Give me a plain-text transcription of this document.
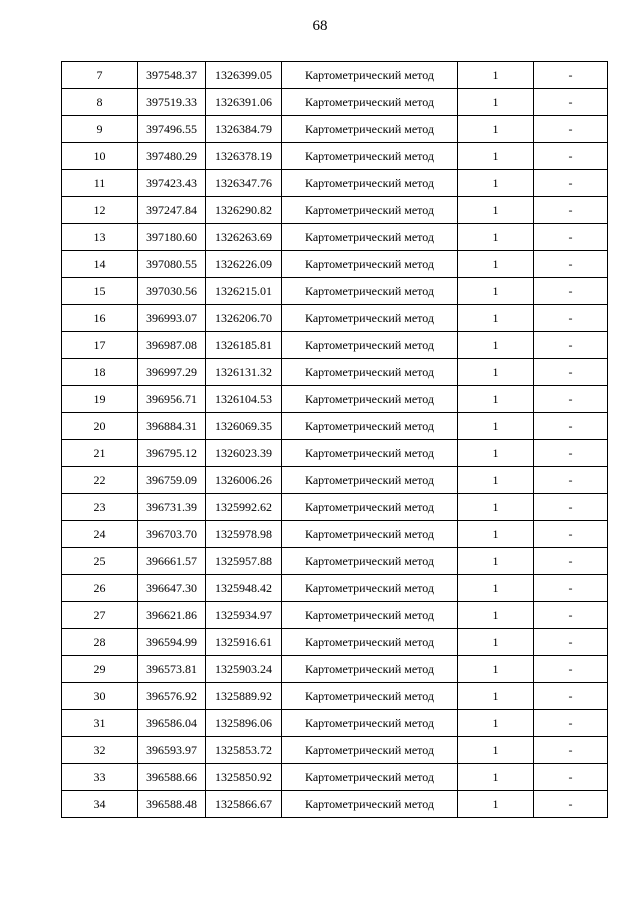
68
7	397548.37	1326399.05	Картометрический метод	1	-
8	397519.33	1326391.06	Картометрический метод	1	-
9	397496.55	1326384.79	Картометрический метод	1	-
10	397480.29	1326378.19	Картометрический метод	1	-
11	397423.43	1326347.76	Картометрический метод	1	-
12	397247.84	1326290.82	Картометрический метод	1	-
13	397180.60	1326263.69	Картометрический метод	1	-
14	397080.55	1326226.09	Картометрический метод	1	-
15	397030.56	1326215.01	Картометрический метод	1	-
16	396993.07	1326206.70	Картометрический метод	1	-
17	396987.08	1326185.81	Картометрический метод	1	-
18	396997.29	1326131.32	Картометрический метод	1	-
19	396956.71	1326104.53	Картометрический метод	1	-
20	396884.31	1326069.35	Картометрический метод	1	-
21	396795.12	1326023.39	Картометрический метод	1	-
22	396759.09	1326006.26	Картометрический метод	1	-
23	396731.39	1325992.62	Картометрический метод	1	-
24	396703.70	1325978.98	Картометрический метод	1	-
25	396661.57	1325957.88	Картометрический метод	1	-
26	396647.30	1325948.42	Картометрический метод	1	-
27	396621.86	1325934.97	Картометрический метод	1	-
28	396594.99	1325916.61	Картометрический метод	1	-
29	396573.81	1325903.24	Картометрический метод	1	-
30	396576.92	1325889.92	Картометрический метод	1	-
31	396586.04	1325896.06	Картометрический метод	1	-
32	396593.97	1325853.72	Картометрический метод	1	-
33	396588.66	1325850.92	Картометрический метод	1	-
34	396588.48	1325866.67	Картометрический метод	1	-
